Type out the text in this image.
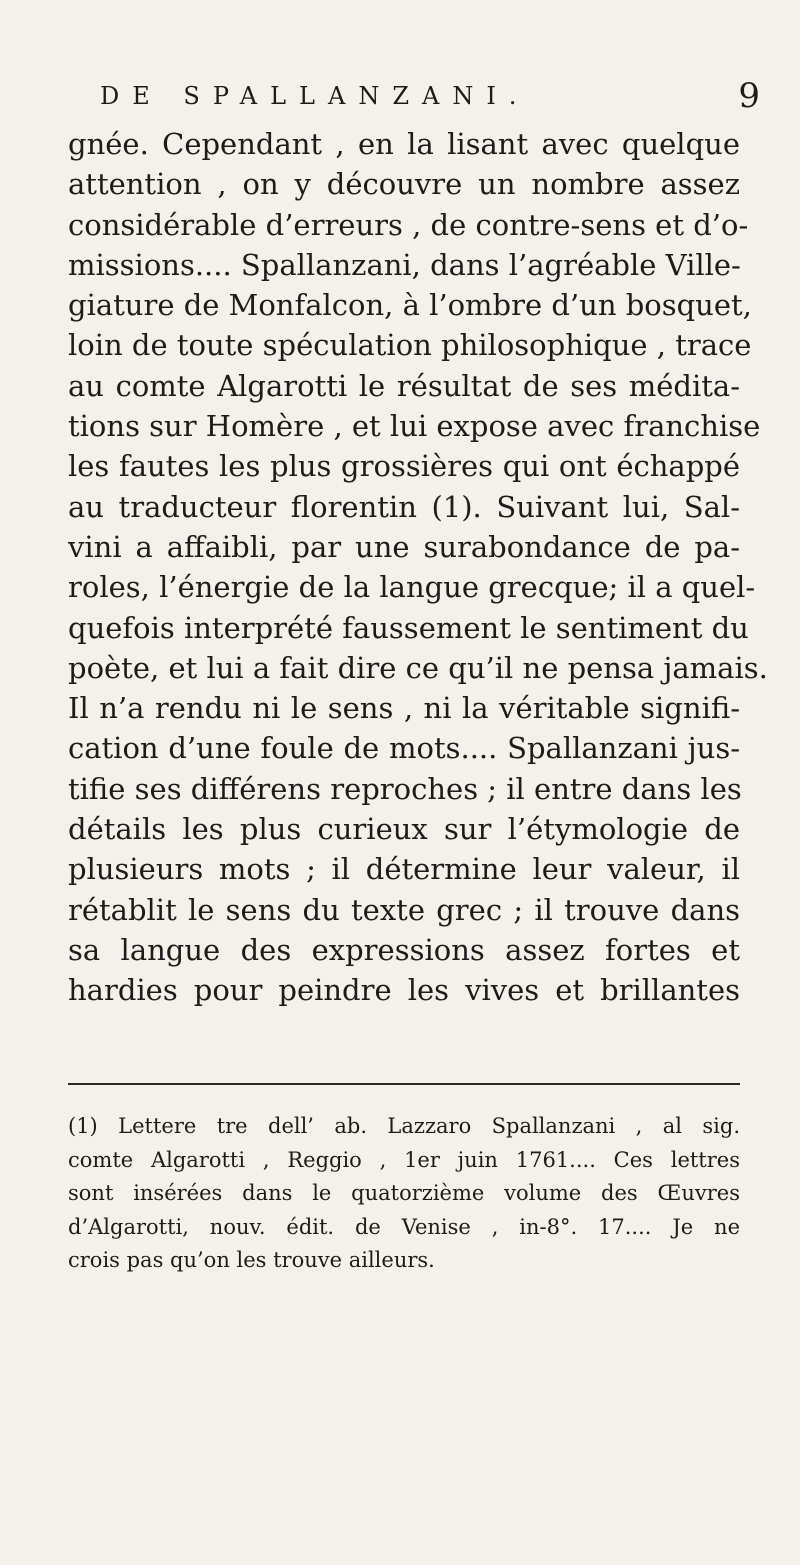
DE SPALLANZANI.	9
gnée. Cependant , en la lisant avec quelque
attention , on y découvre un nombre assez
considérable d’erreurs , de contre-sens et d’o-
missions.... Spallanzani, dans l’agréable Ville-
giature de Monfalcon, à l’ombre d’un bosquet,
loin de toute spéculation philosophique , trace
au comte Algarotti le résultat de ses médita-
tions sur Homère , et lui expose avec franchise
les fautes les plus grossières qui ont échappé
au traducteur florentin (1). Suivant lui, Sal-
vini a affaibli, par une surabondance de pa-
roles, l’énergie de la langue grecque; il a quel-
quefois interprété faussement le sentiment du
poète, et lui a fait dire ce qu’il ne pensa jamais.
Il n’a rendu ni le sens , ni la véritable signifi-
cation d’une foule de mots.... Spallanzani jus-
tifie ses différens reproches ; il entre dans les
détails les plus curieux sur l’étymologie de
plusieurs mots ; il détermine leur valeur, il
rétablit le sens du texte grec ; il trouve dans
sa langue des expressions assez fortes et
hardies pour peindre les vives et brillantes
(1) Lettere tre dell’ ab. Lazzaro Spallanzani , al sig.
comte Algarotti , Reggio , 1er juin 1761.... Ces lettres
sont insérées dans le quatorzième volume des Œuvres
d’Algarotti, nouv. édit. de Venise , in-8°. 17.... Je ne
crois pas qu’on les trouve ailleurs.
